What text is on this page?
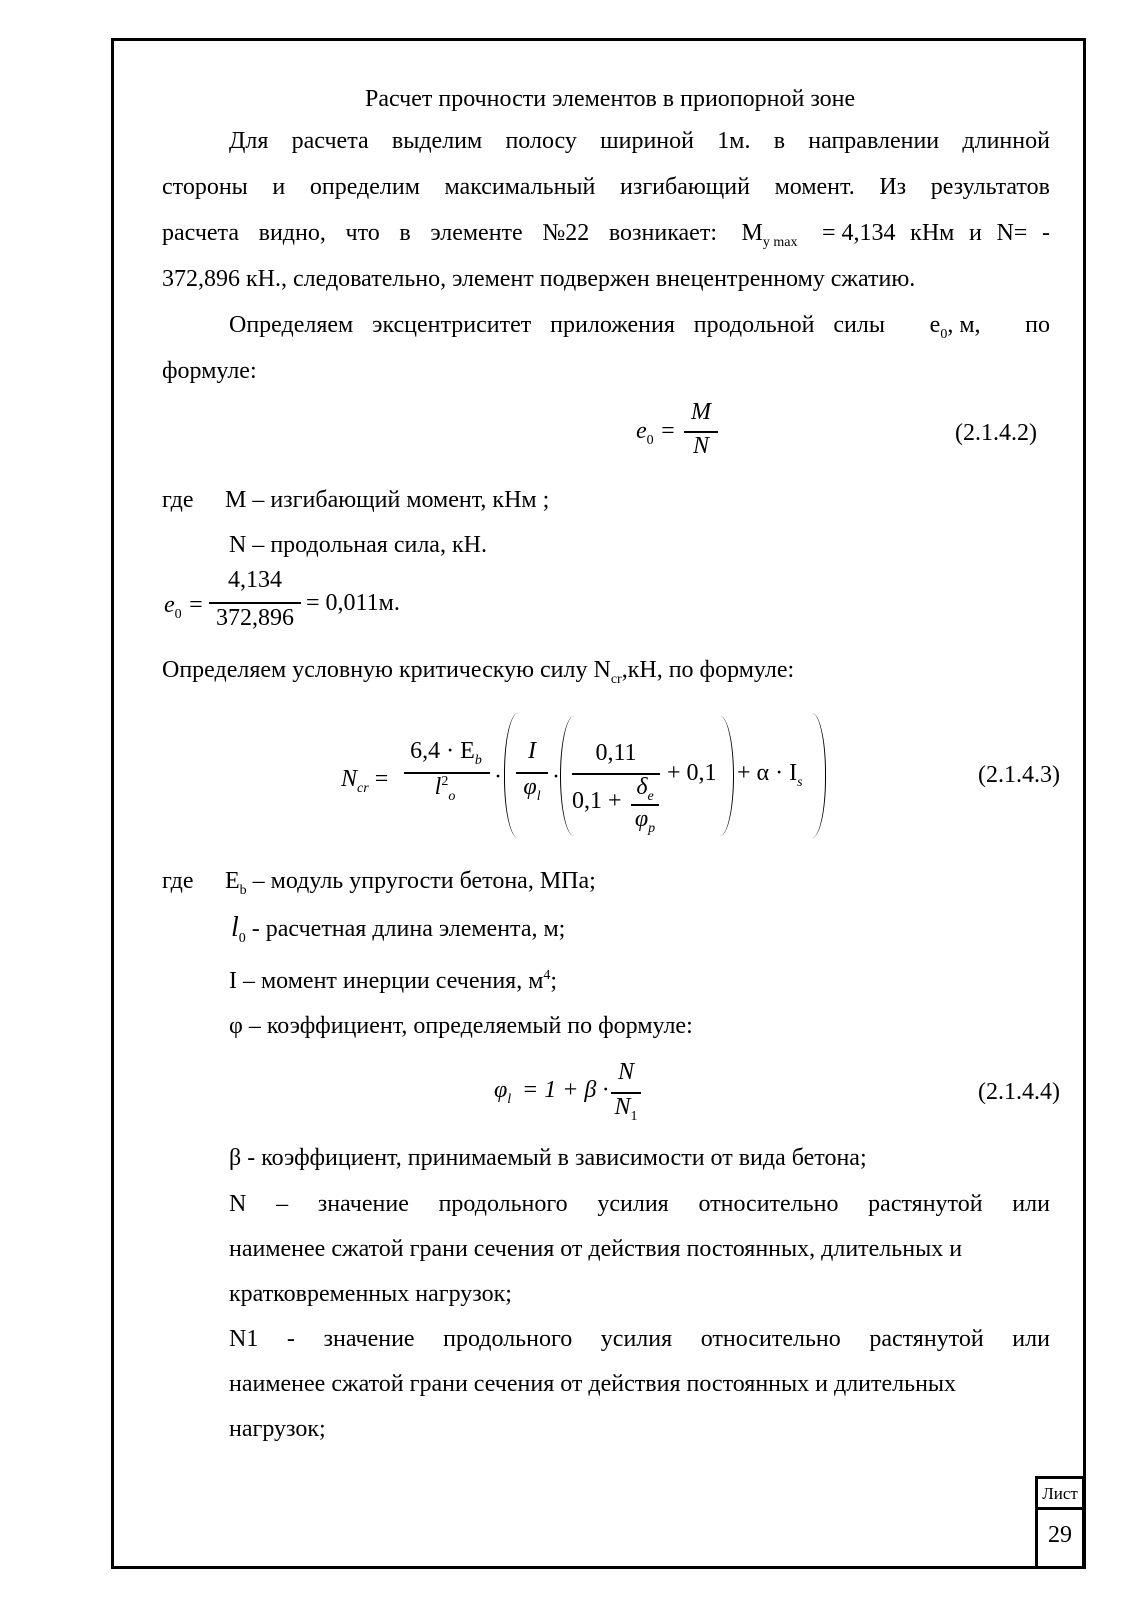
Расчет прочности элементов в приопорной зоне
Для расчета выделим полосу шириной 1м. в направлении длинной
стороны и определим максимальный изгибающий момент. Из результатов
расчета видно, что в элементе №22 возникает: $M_{y max} = 4,134$ кНм и N= -
372,896 кН., следовательно, элемент подвержен внецентренному сжатию.
Определяем эксцентриситет приложения продольной силы $e_0$, м, по
формуле:
$e_0$ =
M
N	(2.1.4.2)
где M – изгибающий момент, кНм ;
N – продольная сила, кН.
$e_0$ =
4,134
372,896
= 0,011м.
Определяем условную критическую силу $N_{cr},кН$, по формуле:
$N_{cr}$ =
$6,4 \cdot E_b$
$l^2_o$
·
I
$\varphi_l$
·
0,11
0,1 +
$\delta_e$
$\varphi_p$
+ $0,1 + \alpha \cdot I_s$	(2.1.4.3)
где $E_b$ – модуль упругости бетона, МПа;
$l_0$ - расчетная длина элемента, м;
I – момент инерции сечения, $м^4$;
φ – коэффициент, определяемый по формуле:
$\varphi_l = 1 + \beta$ ·
N
$N_1$
(2.1.4.4)
β - коэффициент, принимаемый в зависимости от вида бетона;
N – значение продольного усилия относительно растянутой или
наименее сжатой грани сечения от действия постоянных, длительных и
кратковременных нагрузок;
N1 - значение продольного усилия относительно растянутой или
наименее сжатой грани сечения от действия постоянных и длительных
нагрузок;
Лист
29
